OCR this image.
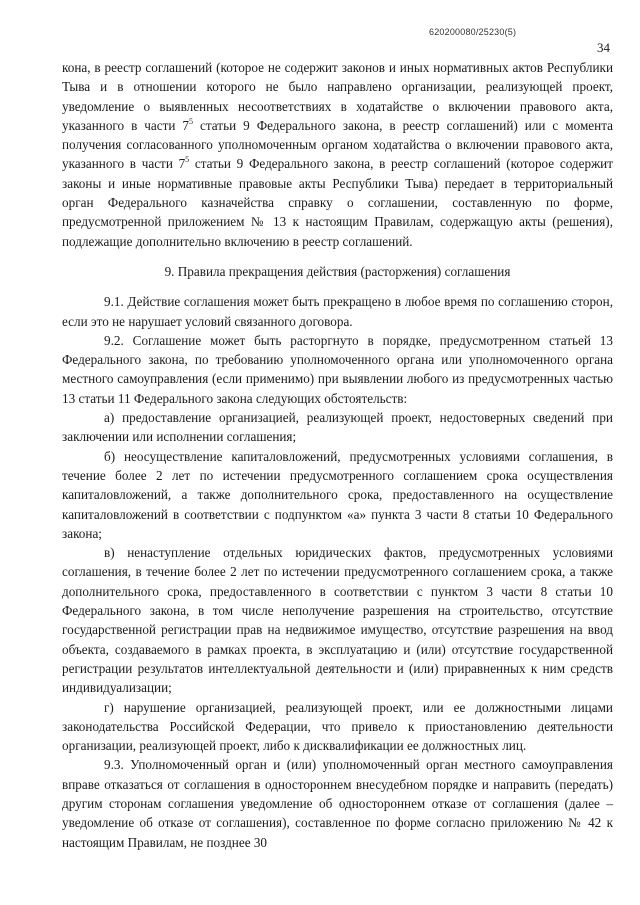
620200080/25230(5)
34

кона, в реестр соглашений (которое не содержит законов и иных нормативных актов Республики Тыва и в отношении которого не было направлено организации, реализующей проект, уведомление о выявленных несоответствиях в ходатайстве о включении правового акта, указанного в части $7^5$ статьи 9 Федерального закона, в реестр соглашений) или с момента получения согласованного уполномоченным органом ходатайства о включении правового акта, указанного в части $7^5$ статьи 9 Федерального закона, в реестр соглашений (которое содержит законы и иные нормативные правовые акты Республики Тыва) передает в территориальный орган Федерального казначейства справку о соглашении, составленную по форме, предусмотренной приложением № 13 к настоящим Правилам, содержащую акты (решения), подлежащие дополнительно включению в реестр соглашений.

9. Правила прекращения действия (расторжения) соглашения

9.1. Действие соглашения может быть прекращено в любое время по соглашению сторон, если это не нарушает условий связанного договора.

9.2. Соглашение может быть расторгнуто в порядке, предусмотренном статьей 13 Федерального закона, по требованию уполномоченного органа или уполномоченного органа местного самоуправления (если применимо) при выявлении любого из предусмотренных частью 13 статьи 11 Федерального закона следующих обстоятельств:

а) предоставление организацией, реализующей проект, недостоверных сведений при заключении или исполнении соглашения;

б) неосуществление капиталовложений, предусмотренных условиями соглашения, в течение более 2 лет по истечении предусмотренного соглашением срока осуществления капиталовложений, а также дополнительного срока, предоставленного на осуществление капиталовложений в соответствии с подпунктом «а» пункта 3 части 8 статьи 10 Федерального закона;

в) ненаступление отдельных юридических фактов, предусмотренных условиями соглашения, в течение более 2 лет по истечении предусмотренного соглашением срока, а также дополнительного срока, предоставленного в соответствии с пунктом 3 части 8 статьи 10 Федерального закона, в том числе неполучение разрешения на строительство, отсутствие государственной регистрации прав на недвижимое имущество, отсутствие разрешения на ввод объекта, создаваемого в рамках проекта, в эксплуатацию и (или) отсутствие государственной регистрации результатов интеллектуальной деятельности и (или) приравненных к ним средств индивидуализации;

г) нарушение организацией, реализующей проект, или ее должностными лицами законодательства Российской Федерации, что привело к приостановлению деятельности организации, реализующей проект, либо к дисквалификации ее должностных лиц.

9.3. Уполномоченный орган и (или) уполномоченный орган местного самоуправления вправе отказаться от соглашения в одностороннем внесудебном порядке и направить (передать) другим сторонам соглашения уведомление об одностороннем отказе от соглашения (далее – уведомление об отказе от соглашения), составленное по форме согласно приложению № 42 к настоящим Правилам, не позднее 30
